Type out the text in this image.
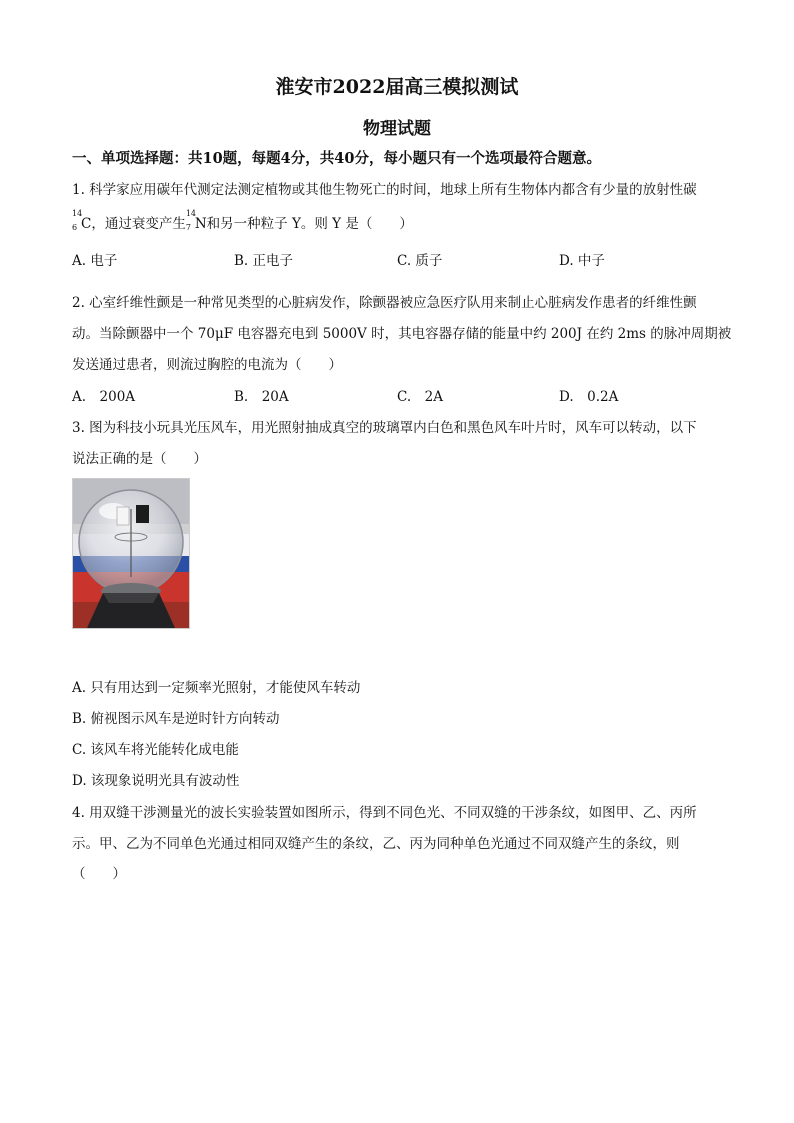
淮安市2022届高三模拟测试
物理试题
一、单项选择题：共10题，每题4分，共40分，每小题只有一个选项最符合题意。
1. 科学家应用碳年代测定法测定植物或其他生物死亡的时间，地球上所有生物体内都含有少量的放射性碳
14
6 C，通过衰变产生
14
7 N和另一种粒子 Y。则 Y 是（　　）
A. 电子	B. 正电子	C. 质子	D. 中子
2. 心室纤维性颤是一种常见类型的心脏病发作，除颤器被应急医疗队用来制止心脏病发作患者的纤维性颤
动。当除颤器中一个 70μF 电容器充电到 5000V 时，其电容器存储的能量中约 200J 在约 2ms 的脉冲周期被
发送通过患者，则流过胸腔的电流为（　　）
A.　200A	B.　20A	C.　2A	D.　0.2A
3. 图为科技小玩具光压风车，用光照射抽成真空的玻璃罩内白色和黑色风车叶片时，风车可以转动，以下
说法正确的是（　　）
A. 只有用达到一定频率光照射，才能使风车转动
B. 俯视图示风车是逆时针方向转动
C. 该风车将光能转化成电能
D. 该现象说明光具有波动性
4. 用双缝干涉测量光的波长实验装置如图所示，得到不同色光、不同双缝的干涉条纹，如图甲、乙、丙所
示。甲、乙为不同单色光通过相同双缝产生的条纹，乙、丙为同种单色光通过不同双缝产生的条纹，则
（　　）
